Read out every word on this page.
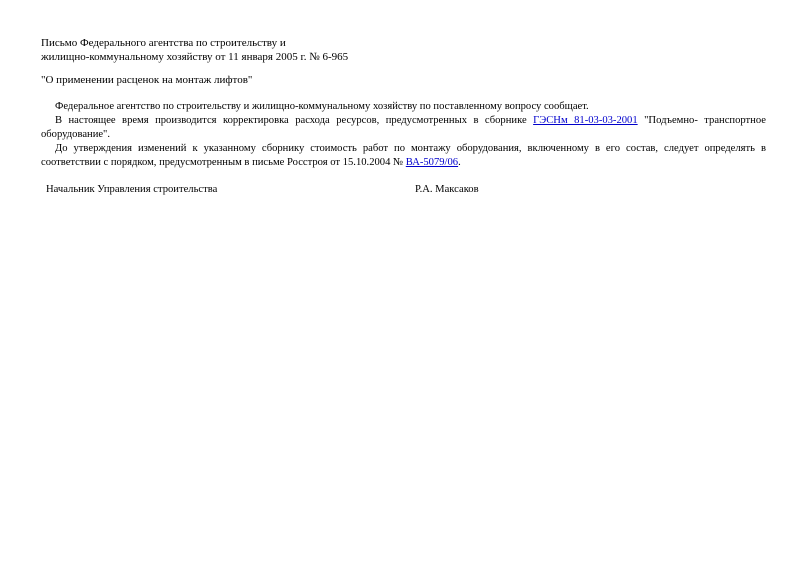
Письмо Федерального агентства по строительству и
жилищно-коммунальному хозяйству от 11 января 2005 г. № 6-965
"О применении расценок на монтаж лифтов"

Федеральное агентство по строительству и жилищно-коммунальному хозяйству по поставленному вопросу сообщает.

В настоящее время производится корректировка расхода ресурсов, предусмотренных в сборнике ГЭСНм 81-03-03-2001 "Подъемно- транспортное оборудование".

До утверждения изменений к указанному сборнику стоимость работ по монтажу оборудования, включенному в его состав, следует определять в соответствии с порядком, предусмотренным в письме Росстроя от 15.10.2004 № ВА-5079/06.

Начальник Управления строительства	Р.А. Максаков
